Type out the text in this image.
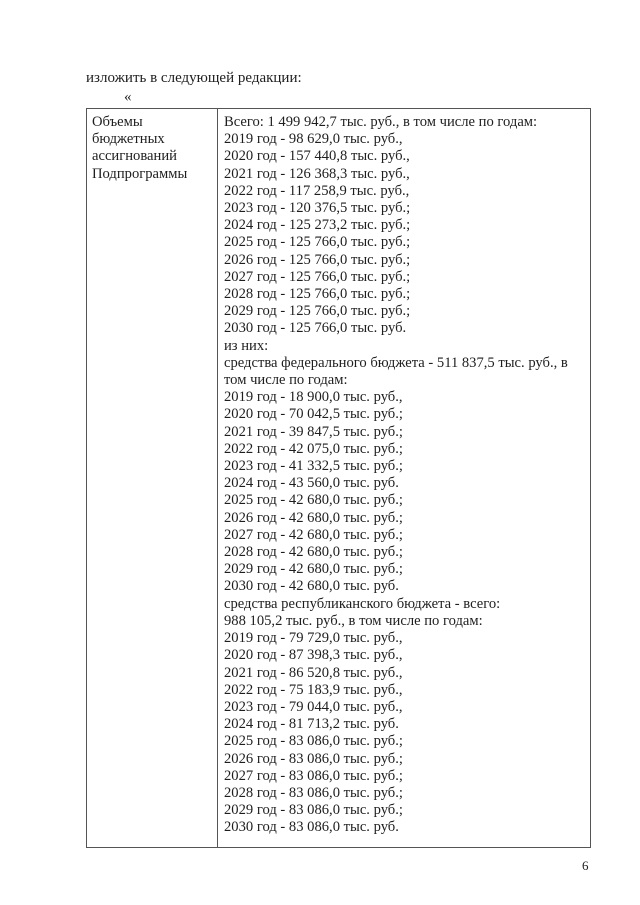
изложить в следующей редакции:
«
Объемы
бюджетных
ассигнований
Подпрограммы
Всего: 1 499 942,7 тыс. руб., в том числе по годам:
2019 год - 98 629,0 тыс. руб.,
2020 год - 157 440,8 тыс. руб.,
2021 год - 126 368,3 тыс. руб.,
2022 год - 117 258,9 тыс. руб.,
2023 год - 120 376,5 тыс. руб.;
2024 год - 125 273,2 тыс. руб.;
2025 год - 125 766,0 тыс. руб.;
2026 год - 125 766,0 тыс. руб.;
2027 год - 125 766,0 тыс. руб.;
2028 год - 125 766,0 тыс. руб.;
2029 год - 125 766,0 тыс. руб.;
2030 год - 125 766,0 тыс. руб.
из них:
средства федерального бюджета - 511 837,5 тыс. руб., в
том числе по годам:
2019 год - 18 900,0 тыс. руб.,
2020 год - 70 042,5 тыс. руб.;
2021 год - 39 847,5 тыс. руб.;
2022 год - 42 075,0 тыс. руб.;
2023 год - 41 332,5 тыс. руб.;
2024 год - 43 560,0 тыс. руб.
2025 год - 42 680,0 тыс. руб.;
2026 год - 42 680,0 тыс. руб.;
2027 год - 42 680,0 тыс. руб.;
2028 год - 42 680,0 тыс. руб.;
2029 год - 42 680,0 тыс. руб.;
2030 год - 42 680,0 тыс. руб.
средства республиканского бюджета - всего:
988 105,2 тыс. руб., в том числе по годам:
2019 год - 79 729,0 тыс. руб.,
2020 год - 87 398,3 тыс. руб.,
2021 год - 86 520,8 тыс. руб.,
2022 год - 75 183,9 тыс. руб.,
2023 год - 79 044,0 тыс. руб.,
2024 год - 81 713,2 тыс. руб.
2025 год - 83 086,0 тыс. руб.;
2026 год - 83 086,0 тыс. руб.;
2027 год - 83 086,0 тыс. руб.;
2028 год - 83 086,0 тыс. руб.;
2029 год - 83 086,0 тыс. руб.;
2030 год - 83 086,0 тыс. руб.
6
